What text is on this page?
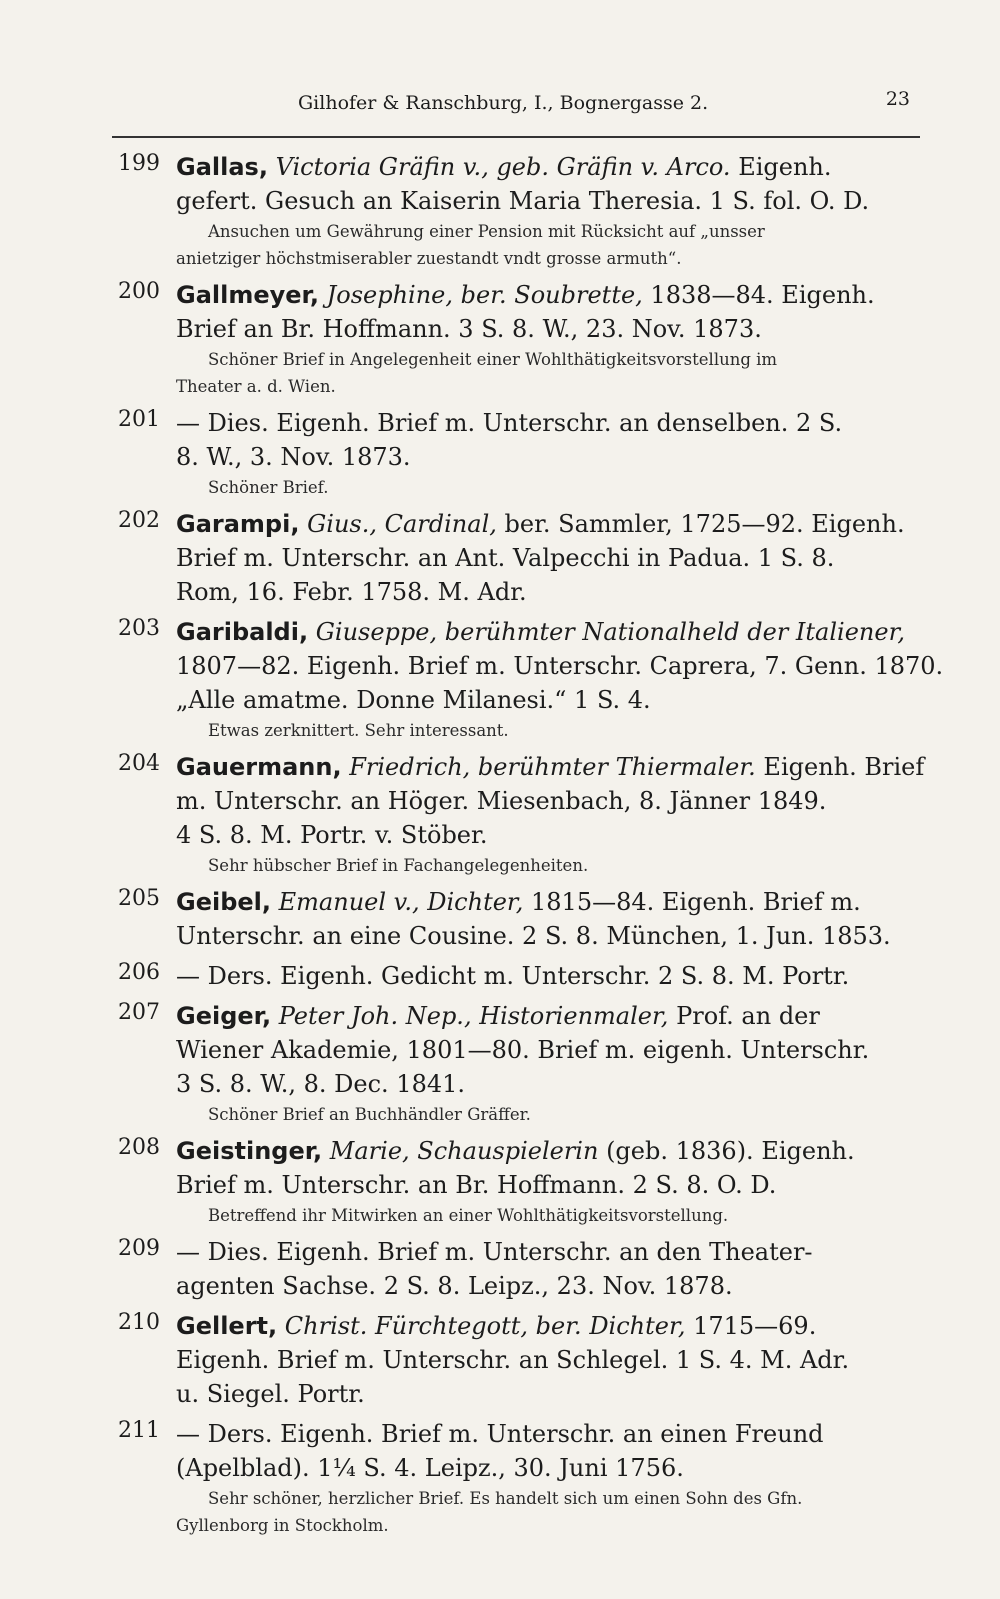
Gilhofer & Ranschburg, I., Bognergasse 2.	23
199 Gallas, Victoria Gräfin v., geb. Gräfin v. Arco. Eigenh.
gefert. Gesuch an Kaiserin Maria Theresia. 1 S. fol. O. D.
Ansuchen um Gewährung einer Pension mit Rücksicht auf „unsser
anietziger höchstmiserabler zuestandt vndt grosse armuth“.
200 Gallmeyer, Josephine, ber. Soubrette, 1838—84. Eigenh.
Brief an Br. Hoffmann. 3 S. 8. W., 23. Nov. 1873.
Schöner Brief in Angelegenheit einer Wohlthätigkeitsvorstellung im
Theater a. d. Wien.
201 — Dies. Eigenh. Brief m. Unterschr. an denselben. 2 S.
8. W., 3. Nov. 1873.
Schöner Brief.
202 Garampi, Gius., Cardinal, ber. Sammler, 1725—92. Eigenh.
Brief m. Unterschr. an Ant. Valpecchi in Padua. 1 S. 8.
Rom, 16. Febr. 1758. M. Adr.
203 Garibaldi, Giuseppe, berühmter Nationalheld der Italiener,
1807—82. Eigenh. Brief m. Unterschr. Caprera, 7. Genn. 1870.
„Alle amatme. Donne Milanesi.“ 1 S. 4.
Etwas zerknittert. Sehr interessant.
204 Gauermann, Friedrich, berühmter Thiermaler. Eigenh. Brief
m. Unterschr. an Höger. Miesenbach, 8. Jänner 1849.
4 S. 8. M. Portr. v. Stöber.
Sehr hübscher Brief in Fachangelegenheiten.
205 Geibel, Emanuel v., Dichter, 1815—84. Eigenh. Brief m.
Unterschr. an eine Cousine. 2 S. 8. München, 1. Jun. 1853.
206 — Ders. Eigenh. Gedicht m. Unterschr. 2 S. 8. M. Portr.
207 Geiger, Peter Joh. Nep., Historienmaler, Prof. an der
Wiener Akademie, 1801—80. Brief m. eigenh. Unterschr.
3 S. 8. W., 8. Dec. 1841.
Schöner Brief an Buchhändler Gräffer.
208 Geistinger, Marie, Schauspielerin (geb. 1836). Eigenh.
Brief m. Unterschr. an Br. Hoffmann. 2 S. 8. O. D.
Betreffend ihr Mitwirken an einer Wohlthätigkeitsvorstellung.
209 — Dies. Eigenh. Brief m. Unterschr. an den Theater-
agenten Sachse. 2 S. 8. Leipz., 23. Nov. 1878.
210 Gellert, Christ. Fürchtegott, ber. Dichter, 1715—69.
Eigenh. Brief m. Unterschr. an Schlegel. 1 S. 4. M. Adr.
u. Siegel. Portr.
211 — Ders. Eigenh. Brief m. Unterschr. an einen Freund
(Apelblad). 1¼ S. 4. Leipz., 30. Juni 1756.
Sehr schöner, herzlicher Brief. Es handelt sich um einen Sohn des Gfn.
Gyllenborg in Stockholm.
